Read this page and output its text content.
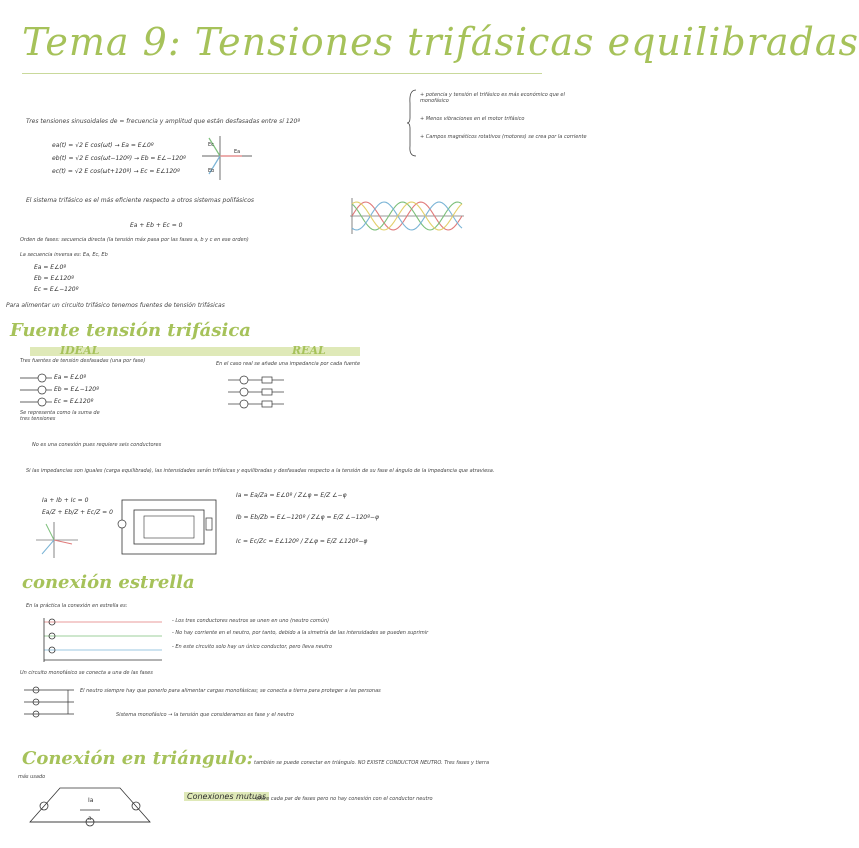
Tema 9: Tensiones trifásicas equilibradas
+ potencia y tensión el trifásico es más económico que el monofásico
+ Menos vibraciones en el motor trifásico
+ Campos magnéticos rotativos (motores) se crea por la corriente
Tres tensiones sinusoidales de = frecuencia y amplitud que están desfasadas entre sí 120º
ea(t) = √2 E cos(ωt) → Ea = E∠0º
eb(t) = √2 E cos(ωt−120º) → Eb = E∠−120º
ec(t) = √2 E cos(ωt+120º) → Ec = E∠120º
Ea
Ec
Eb
El sistema trifásico es el más eficiente respecto a otros sistemas polifásicos
Ea + Eb + Ec = 0
Orden de fases: secuencia directa (la tensión máx pasa por las fases a, b y c en ese orden)
La secuencia inversa es: Ea, Ec, Eb
Ea = E∠0º
Eb = E∠120º
Ec = E∠−120º
Para alimentar un circuito trifásico tenemos fuentes de tensión trifásicas
Fuente tensión trifásica
IDEAL	REAL
Tres fuentes de tensión desfasadas (una por fase)	En el caso real se añade una impedancia por cada fuente
Ea = E∠0º
Eb = E∠−120º
Ec = E∠120º
Se representa como la suma de tres tensiones
No es una conexión pues requiere seis conductores
Si las impedancias son iguales (carga equilibrada), las intensidades serán trifásicas y equilibradas y desfasadas respecto a la tensión de su fase el ángulo de la impedancia que atraviesa.
Ia + Ib + Ic = 0
Ea/Z + Eb/Z + Ec/Z = 0
Ia = Ea/Za = E∠0º / Z∠φ = E/Z ∠−φ
Ib = Eb/Zb = E∠−120º / Z∠φ = E/Z ∠−120º−φ
Ic = Ec/Zc = E∠120º / Z∠φ = E/Z ∠120º−φ
conexión estrella
En la práctica la conexión en estrella es:
- Los tres conductores neutros se unen en uno (neutro común)
- No hay corriente en el neutro, por tanto, debido a la simetría de las intensidades se pueden suprimir
- En este circuito solo hay un único conductor, pero lleva neutro
Un circuito monofásico se conecta a una de las fases
El neutro siempre hay que ponerlo para alimentar cargas monofásicas; se conecta a tierra para proteger a las personas
Sistema monofásico → la tensión que consideramos es fase y el neutro
Conexión en triángulo: también se puede conectar en triángulo. NO EXISTE CONDUCTOR NEUTRO. Tres fases y tierra
más usado
Ia
a
Conexiones mutuas
entre cada par de fases pero no hay conexión con el conductor neutro
